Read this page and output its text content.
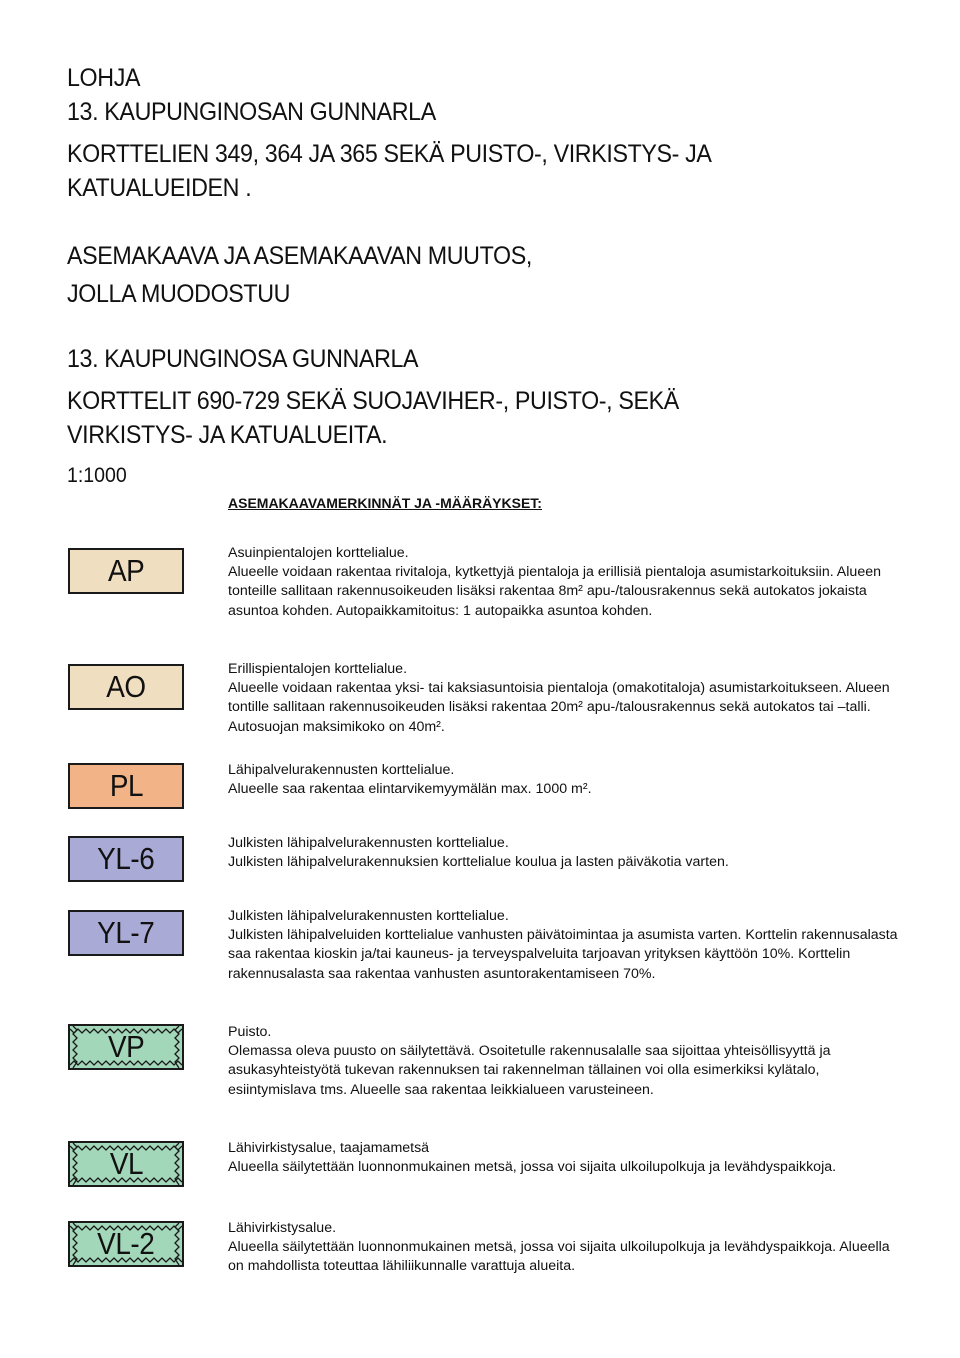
LOHJA
13. KAUPUNGINOSAN GUNNARLA
KORTTELIEN 349, 364 JA 365 SEKÄ PUISTO-, VIRKISTYS- JA
KATUALUEIDEN .
ASEMAKAAVA JA ASEMAKAAVAN MUUTOS,
JOLLA MUODOSTUU
13. KAUPUNGINOSA GUNNARLA
KORTTELIT 690-729 SEKÄ SUOJAVIHER-, PUISTO-, SEKÄ
VIRKISTYS- JA KATUALUEITA.
1:1000
ASEMAKAAVAMERKINNÄT JA -MÄÄRÄYKSET:
AP
AO
PL
YL-6
YL-7
VP
VL
VL-2

Asuinpientalojen korttelialue.

Alueelle voidaan rakentaa rivitaloja, kytkettyjä pientaloja ja erillisiä pientaloja asumistarkoituksiin. Alueen tonteille sallitaan rakennusoikeuden lisäksi rakentaa 8m² apu-/talousrakennus sekä autokatos jokaista asuntoa kohden. Autopaikkamitoitus: 1 autopaikka asuntoa kohden.

Erillispientalojen korttelialue.

Alueelle voidaan rakentaa yksi- tai kaksiasuntoisia pientaloja (omakotitaloja) asumistarkoitukseen. Alueen tontille sallitaan rakennusoikeuden lisäksi rakentaa 20m² apu-/talousrakennus sekä autokatos tai –talli. Autosuojan maksimikoko on 40m².

Lähipalvelurakennusten korttelialue.

Alueelle saa rakentaa elintarvikemyymälän max. 1000 m².

Julkisten lähipalvelurakennusten korttelialue.

Julkisten lähipalvelurakennuksien korttelialue koulua ja lasten päiväkotia varten.

Julkisten lähipalvelurakennusten korttelialue.

Julkisten lähipalveluiden korttelialue vanhusten päivätoimintaa ja asumista varten. Korttelin rakennusalasta saa rakentaa kioskin ja/tai kauneus- ja terveyspalveluita tarjoavan yrityksen käyttöön 10%. Korttelin rakennusalasta saa rakentaa vanhusten asuntorakentamiseen 70%.

Puisto.

Olemassa oleva puusto on säilytettävä. Osoitetulle rakennusalalle saa sijoittaa yhteisöllisyyttä ja asukasyhteistyötä tukevan rakennuksen tai rakennelman tällainen voi olla esimerkiksi kylätalo, esiintymislava tms. Alueelle saa rakentaa leikkialueen varusteineen.

Lähivirkistysalue, taajamametsä

Alueella säilytettään luonnonmukainen metsä, jossa voi sijaita ulkoilupolkuja ja levähdyspaikkoja.

Lähivirkistysalue.

Alueella säilytettään luonnonmukainen metsä, jossa voi sijaita ulkoilupolkuja ja levähdyspaikkoja. Alueella on mahdollista toteuttaa lähiliikunnalle varattuja alueita.
